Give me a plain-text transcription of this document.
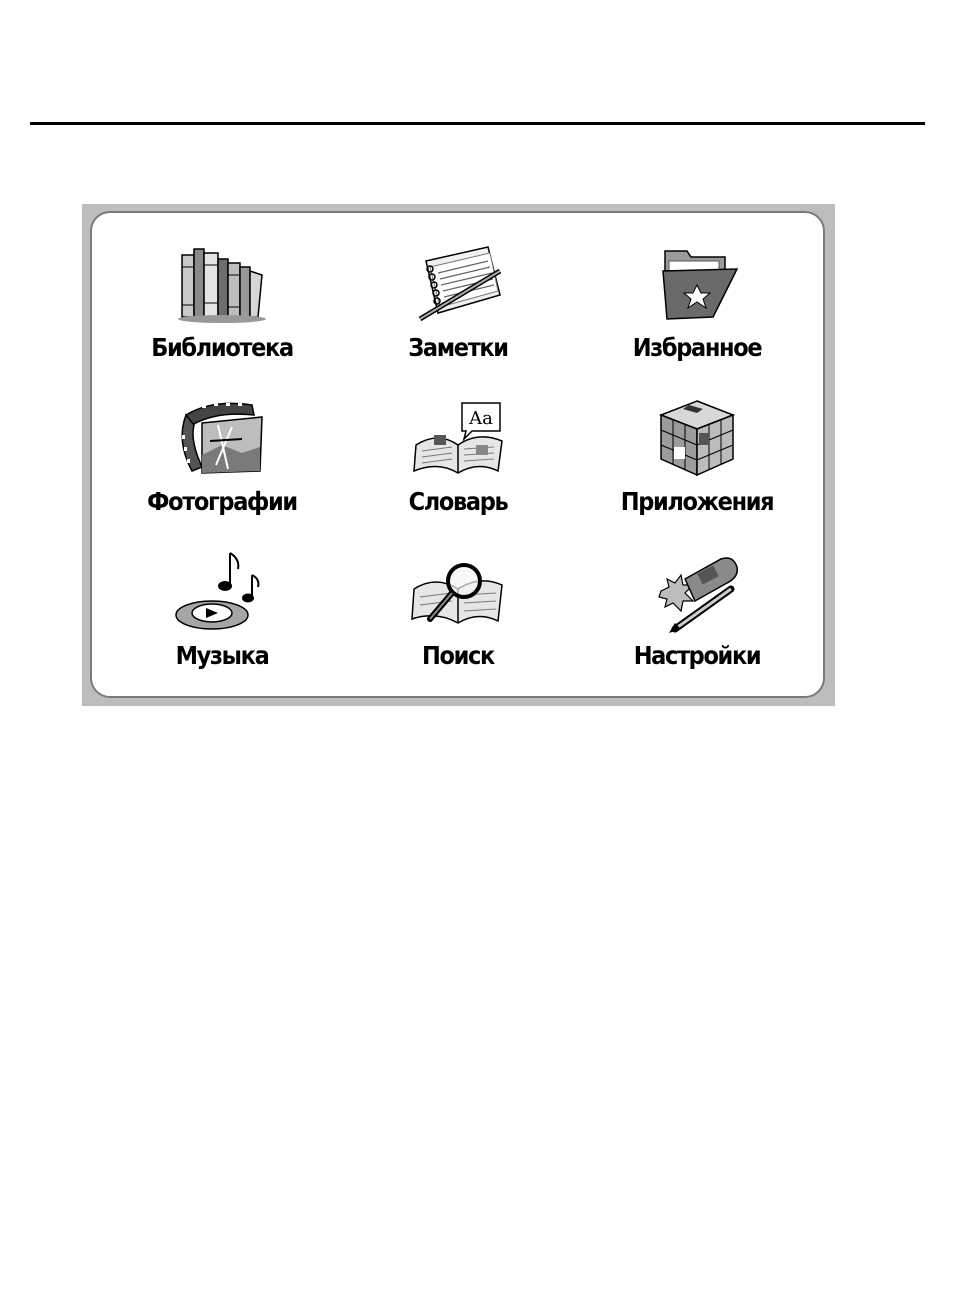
Библиотека	Заметки	Избранное
Фотографии
Aa
Словарь	Приложения
Музыка	Поиск	Настройки
